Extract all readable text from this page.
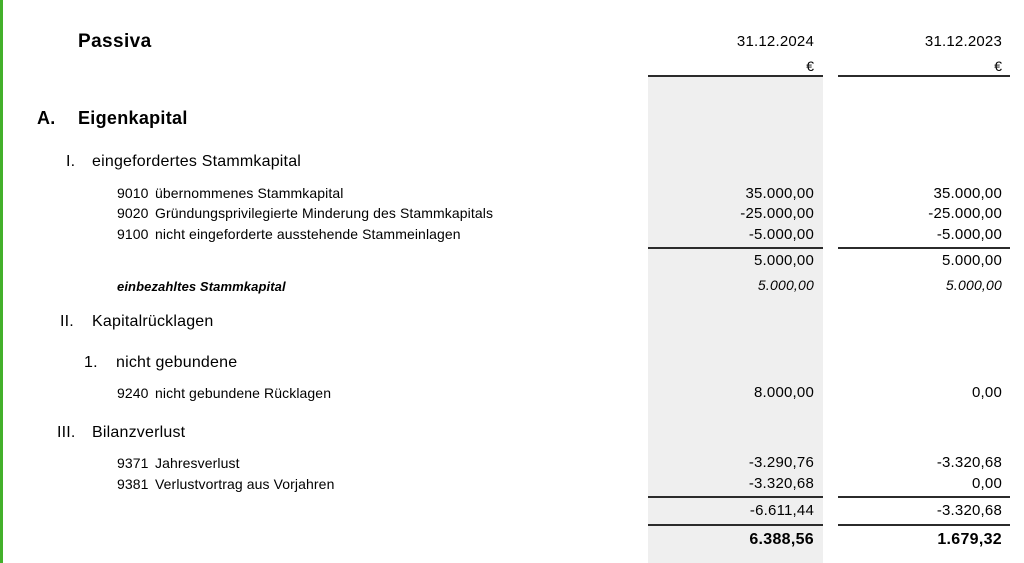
Passiva	31.12.2024	31.12.2023
€	€
A. Eigenkapital
I. eingefordertes Stammkapital
9010 übernommenes Stammkapital	35.000,00	35.000,00
9020 Gründungsprivilegierte Minderung des Stammkapitals	-25.000,00	-25.000,00
9100 nicht eingeforderte ausstehende Stammeinlagen	-5.000,00	-5.000,00
5.000,00	5.000,00
einbezahltes Stammkapital	5.000,00	5.000,00
II. Kapitalrücklagen
1. nicht gebundene
9240 nicht gebundene Rücklagen	8.000,00	0,00
III. Bilanzverlust
9371 Jahresverlust	-3.290,76	-3.320,68
9381 Verlustvortrag aus Vorjahren	-3.320,68	0,00
-6.611,44	-3.320,68
6.388,56	1.679,32
